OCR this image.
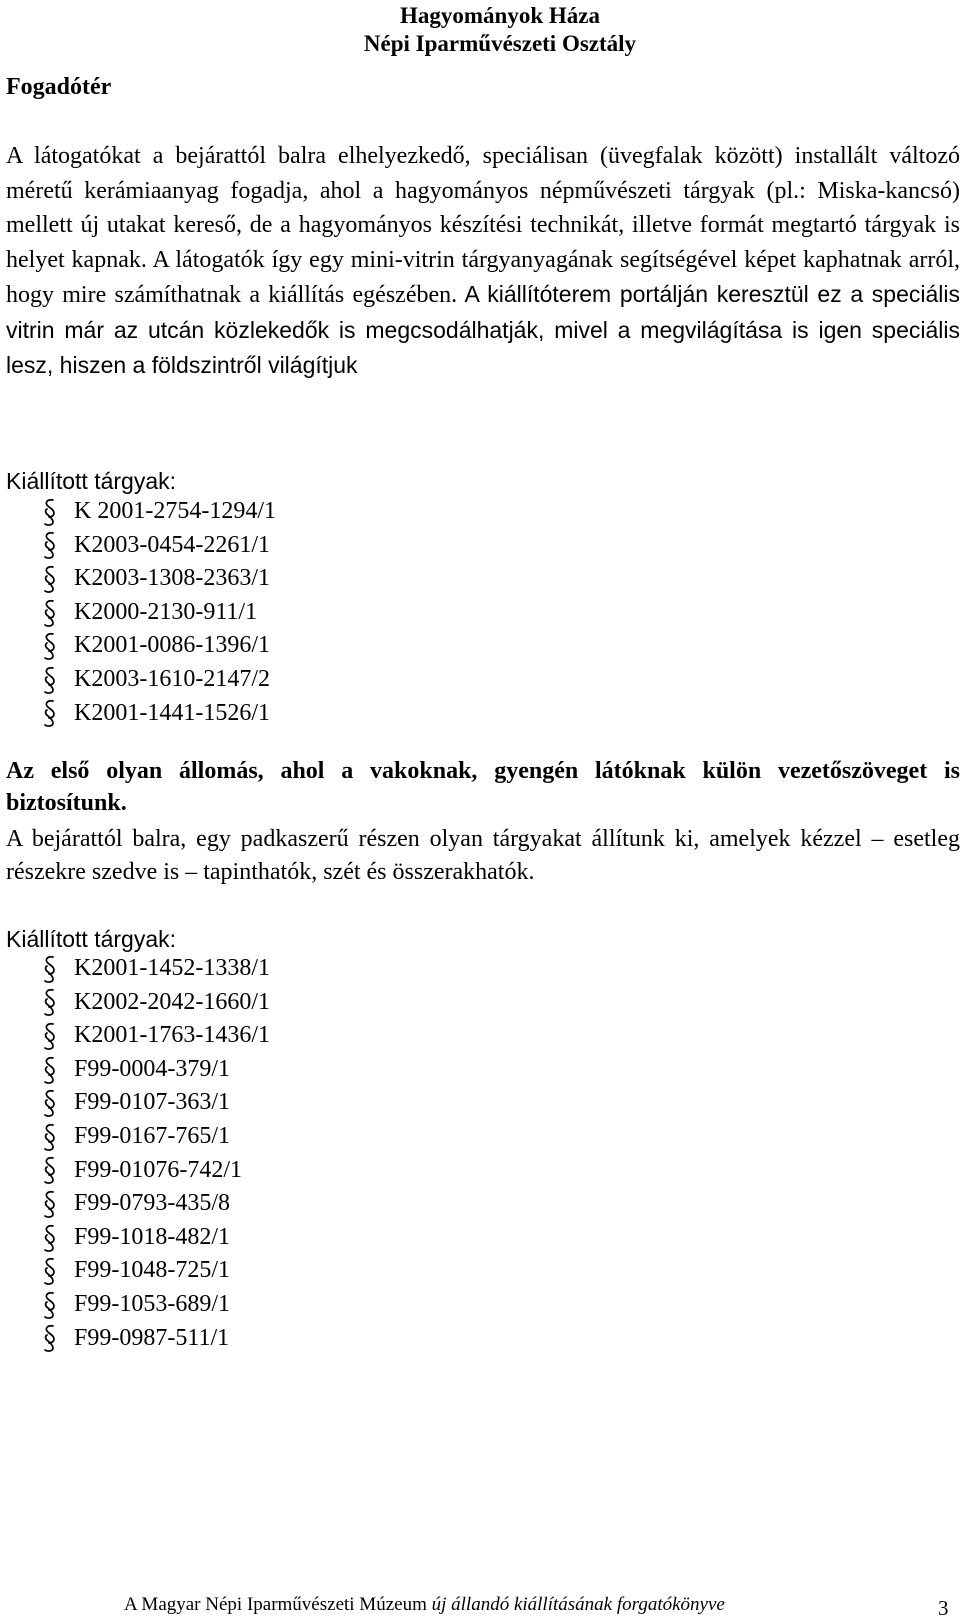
Hagyományok Háza
Népi Iparművészeti Osztály
Fogadótér

A látogatókat a bejárattól balra elhelyezkedő, speciálisan (üvegfalak között) installált változó méretű kerámiaanyag fogadja, ahol a hagyományos népművészeti tárgyak (pl.: Miska-kancsó) mellett új utakat kereső, de a hagyományos készítési technikát, illetve formát megtartó tárgyak is helyet kapnak. A látogatók így egy mini-vitrin tárgyanyagának segítségével képet kaphatnak arról, hogy mire számíthatnak a kiállítás egészében. A kiállítóterem portálján keresztül ez a speciális vitrin már az utcán közlekedők is megcsodálhatják, mivel a megvilágítása is igen speciális lesz, hiszen a földszintről világítjuk

Kiállított tárgyak:
K 2001-2754-1294/1
K2003-0454-2261/1
K2003-1308-2363/1
K2000-2130-911/1
K2001-0086-1396/1
K2003-1610-2147/2
K2001-1441-1526/1

Az első olyan állomás, ahol a vakoknak, gyengén látóknak külön vezetőszöveget is biztosítunk.

A bejárattól balra, egy padkaszerű részen olyan tárgyakat állítunk ki, amelyek kézzel – esetleg részekre szedve is – tapinthatók, szét és összerakhatók.

Kiállított tárgyak:
K2001-1452-1338/1
K2002-2042-1660/1
K2001-1763-1436/1
F99-0004-379/1
F99-0107-363/1
F99-0167-765/1
F99-01076-742/1
F99-0793-435/8
F99-1018-482/1
F99-1048-725/1
F99-1053-689/1
F99-0987-511/1
A Magyar Népi Iparművészeti Múzeum új állandó kiállításának forgatókönyve	3
